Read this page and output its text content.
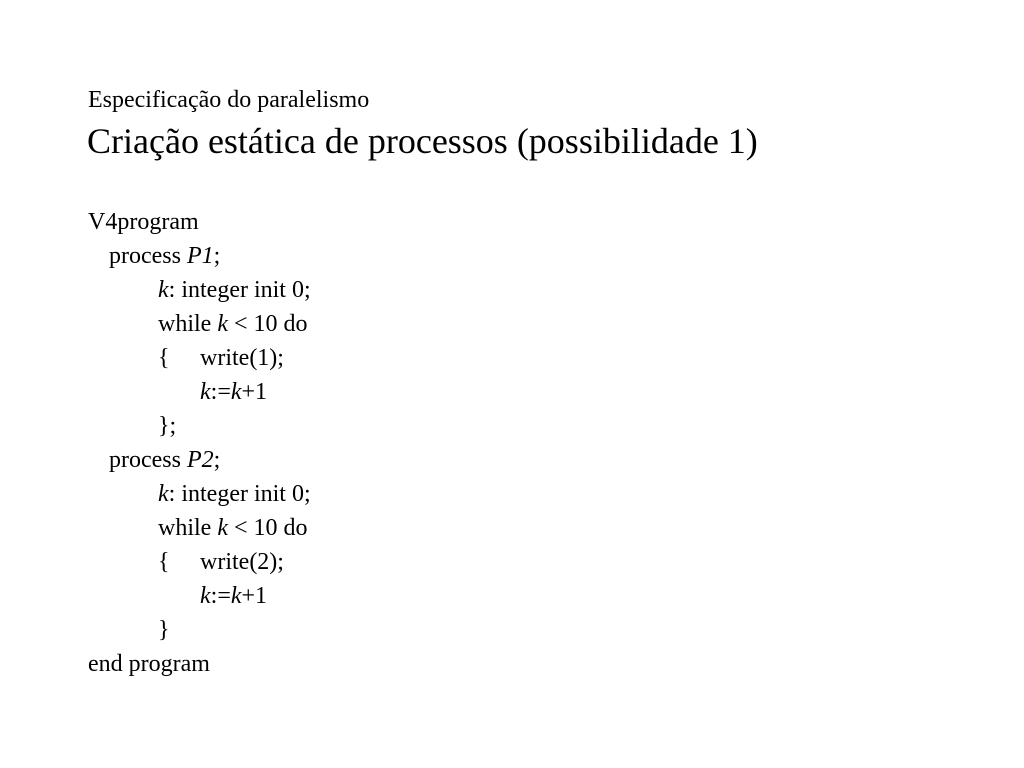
Especificação do paralelismo
Criação estática de processos (possibilidade 1)
V4program
process P1;
k: integer init 0;
while k < 10 do
{ write(1);
k:=k+1
};
process P2;
k: integer init 0;
while k < 10 do
{ write(2);
k:=k+1
}
end program
